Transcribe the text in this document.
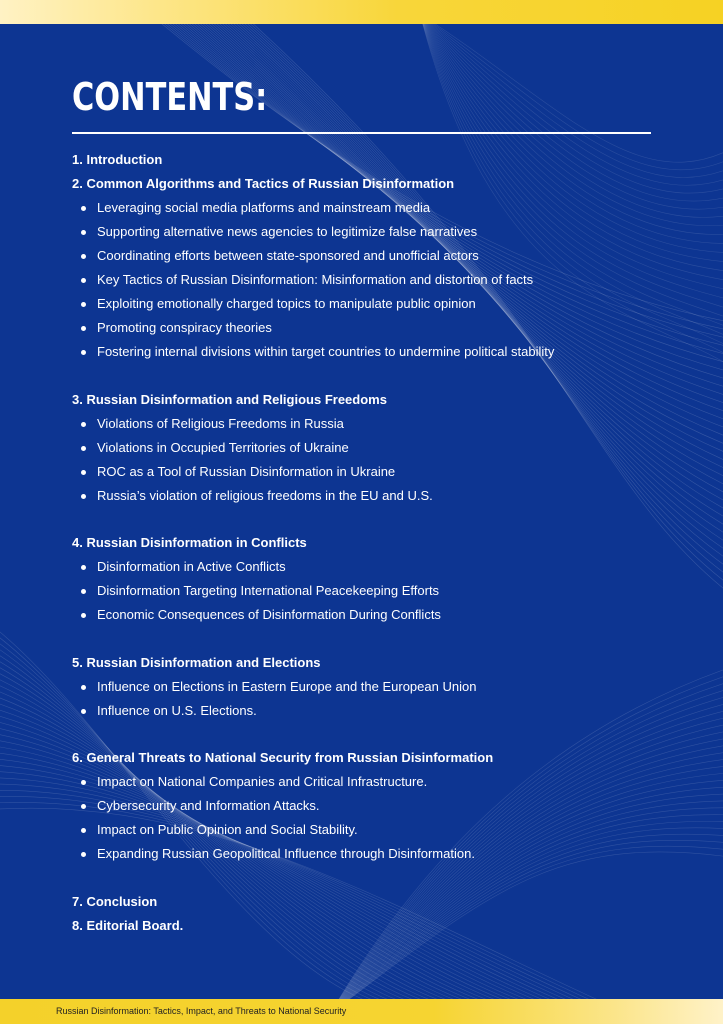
CONTENTS:
1. Introduction
2. Common Algorithms and Tactics of Russian Disinformation
Leveraging social media platforms and mainstream media
Supporting alternative news agencies to legitimize false narratives
Coordinating efforts between state-sponsored and unofficial actors
Key Tactics of Russian Disinformation: Misinformation and distortion of facts
Exploiting emotionally charged topics to manipulate public opinion
Promoting conspiracy theories
Fostering internal divisions within target countries to undermine political stability
3. Russian Disinformation and Religious Freedoms
Violations of Religious Freedoms in Russia
Violations in Occupied Territories of Ukraine
ROC as a Tool of Russian Disinformation in Ukraine
Russia’s violation of religious freedoms in the EU and U.S.
4. Russian Disinformation in Conflicts
Disinformation in Active Conflicts
Disinformation Targeting International Peacekeeping Efforts
Economic Consequences of Disinformation During Conflicts
5. Russian Disinformation and Elections
Influence on Elections in Eastern Europe and the European Union
Influence on U.S. Elections.
6. General Threats to National Security from Russian Disinformation
Impact on National Companies and Critical Infrastructure.
Cybersecurity and Information Attacks.
Impact on Public Opinion and Social Stability.
Expanding Russian Geopolitical Influence through Disinformation.
7. Conclusion
8. Editorial Board.
Russian Disinformation: Tactics, Impact, and Threats to National Security
